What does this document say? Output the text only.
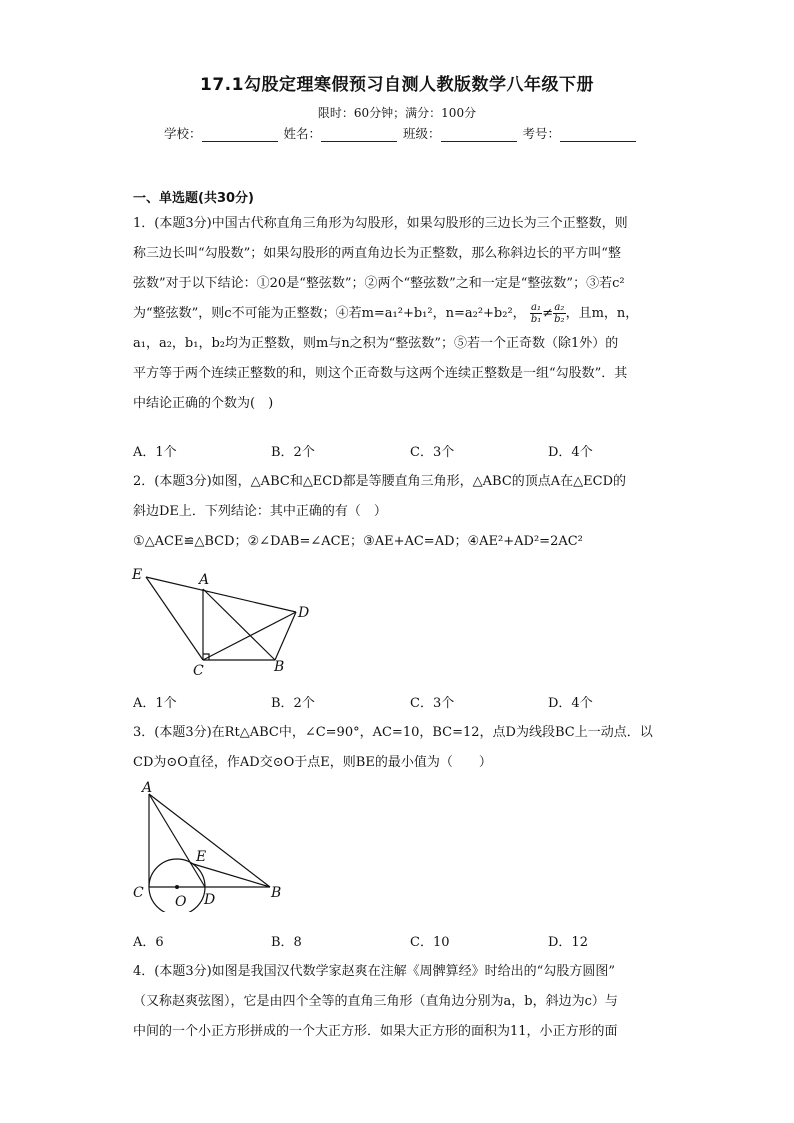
17.1勾股定理寒假预习自测人教版数学八年级下册
限时：60分钟；满分：100分
学校：	姓名：	班级：	考号：
一、单选题(共30分)

1．(本题3分)中国古代称直角三角形为勾股形，如果勾股形的三边长为三个正整数，则

称三边长叫“勾股数”；如果勾股形的两直角边长为正整数，那么称斜边长的平方叫“整

弦数”对于以下结论：①20是“整弦数”；②两个“整弦数”之和一定是“整弦数”；③若c²

为“整弦数”，则c不可能为正整数；④若m=a₁²+b₁²，n=a₂²+b₂²， $\frac{\text{a₁}}{\text{b₁}} \ne \frac{\text{a₂}}{\text{b₂}}$ ，且m，n，

a₁，a₂，b₁，b₂均为正整数，则m与n之积为“整弦数”；⑤若一个正奇数（除1外）的

平方等于两个连续正整数的和，则这个正奇数与这两个连续正整数是一组“勾股数”．其

中结论正确的个数为(　)

A．1个	B．2个	C．3个	D．4个

2．(本题3分)如图，△ABC和△ECD都是等腰直角三角形，△ABC的顶点A在△ECD的

斜边DE上．下列结论：其中正确的有（　）

①△ACE≌△BCD；②∠DAB=∠ACE；③AE+AC=AD；④AE²+AD²=2AC²

E	A
D
C	B
A．1个	B．2个	C．3个	D．4个

3．(本题3分)在Rt△ABC中，∠C=90°，AC=10，BC=12，点D为线段BC上一动点．以

CD为⊙O直径，作AD交⊙O于点E，则BE的最小值为（　　）

A
E
C
O D	B
A．6	B．8	C．10	D．12

4．(本题3分)如图是我国汉代数学家赵爽在注解《周髀算经》时给出的“勾股方圆图”

（又称赵爽弦图），它是由四个全等的直角三角形（直角边分别为a，b，斜边为c）与

中间的一个小正方形拼成的一个大正方形．如果大正方形的面积为11，小正方形的面
